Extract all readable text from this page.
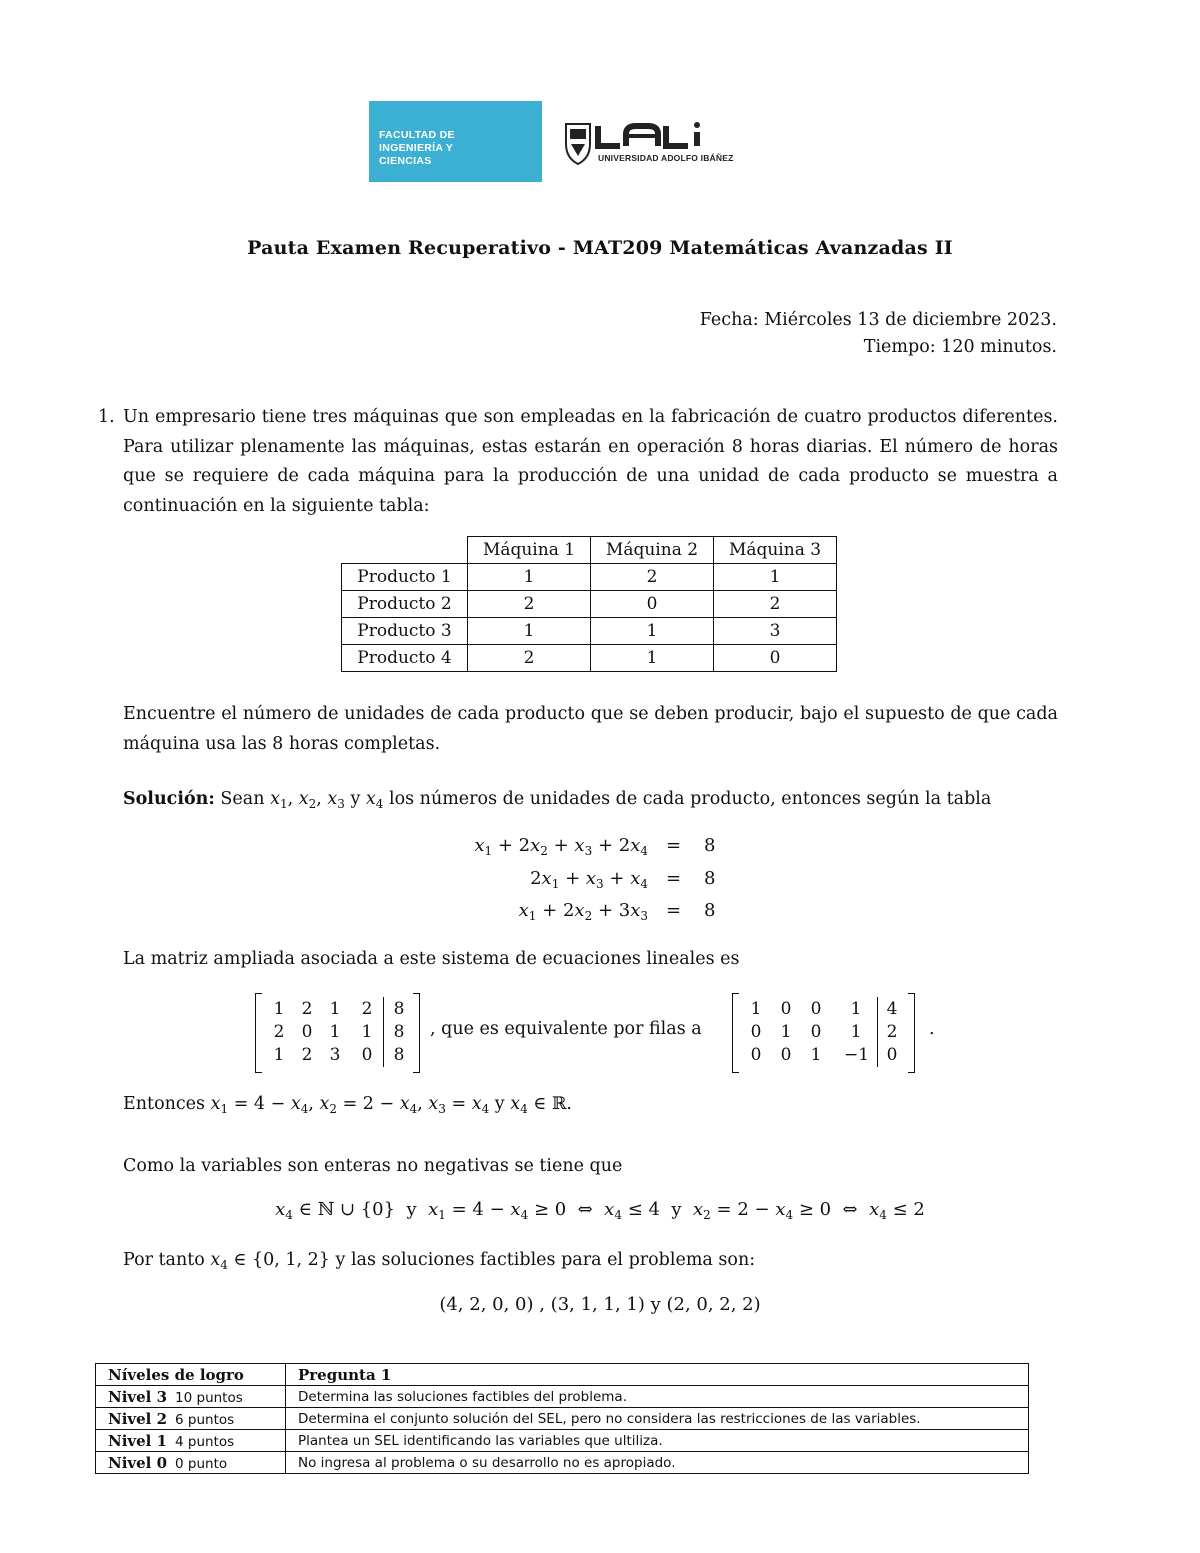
FACULTAD DE INGENIERÍA Y CIENCIAS	UNIVERSIDAD ADOLFO IBÁÑEZ
Pauta Examen Recuperativo - MAT209 Matemáticas Avanzadas II
Fecha: Miércoles 13 de diciembre 2023.
Tiempo: 120 minutos.
1. Un empresario tiene tres máquinas que son empleadas en la fabricación de cuatro productos diferentes. Para utilizar plenamente las máquinas, estas estarán en operación 8 horas diarias. El número de horas que se requiere de cada máquina para la producción de una unidad de cada producto se muestra a continuación en la siguiente tabla:
	Máquina 1	Máquina 2	Máquina 3
Producto 1	1	2	1
Producto 2	2	0	2
Producto 3	1	1	3
Producto 4	2	1	0
Encuentre el número de unidades de cada producto que se deben producir, bajo el supuesto de que cada máquina usa las 8 horas completas.
Solución: Sean $x_1$, $x_2$, $x_3$ y $x_4$ los números de unidades de cada producto, entonces según la tabla
$x_1 + 2x_2 + x_3 + 2x_4 = 8$
$2x_1 + x_3 + x_4 = 8$
$x_1 + 2x_2 + 3x_3 = 8$
La matriz ampliada asociada a este sistema de ecuaciones lineales es
1	2	1	2	8
2	0	1	1	8
1	2	3	0	8
, que es equivalente por filas a
1	0	0	1	4
0	1	0	1	2
0	0	1	−1	0
.
Entonces $x_1 = 4 - x_4$, $x_2 = 2 - x_4$, $x_3 = x_4$ y $x_4$ ∈ ℝ.
Como la variables son enteras no negativas se tiene que
$x_4$ ∈ ℕ ∪ {0}  y  $x_1 = 4 - x_4 \ge 0$  ⇔  $x_4 \le 4$  y  $x_2 = 2 - x_4 \ge 0$  ⇔  $x_4 \le 2$
Por tanto $x_4$ ∈ {0, 1, 2} y las soluciones factibles para el problema son:
(4, 2, 0, 0) , (3, 1, 1, 1) y (2, 0, 2, 2)
Níveles de logro	Pregunta 1
Nivel 3 10 puntos	Determina las soluciones factibles del problema.
Nivel 2 6 puntos	Determina el conjunto solución del SEL, pero no considera las restricciones de las variables.
Nivel 1 4 puntos	Plantea un SEL identificando las variables que ultiliza.
Nivel 0 0 punto	No ingresa al problema o su desarrollo no es apropiado.
